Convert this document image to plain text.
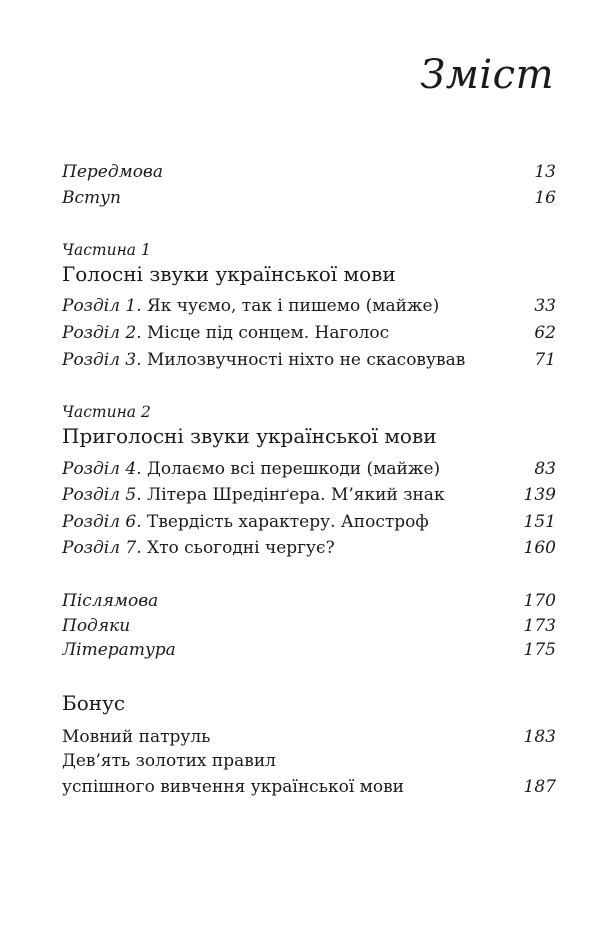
Зміст
Передмова	13
Вступ	16
Частина 1
Голосні звуки української мови
Розділ 1. Як чуємо, так і пишемо (майже)	33
Розділ 2. Місце під сонцем. Наголос	62
Розділ 3. Милозвучності ніхто не скасовував	71
Частина 2
Приголосні звуки української мови
Розділ 4. Долаємо всі перешкоди (майже)	83
Розділ 5. Літера Шредінґера. М’який знак	139
Розділ 6. Твердість характеру. Апостроф	151
Розділ 7. Хто сьогодні чергує?	160
Післямова	170
Подяки	173
Література	175
Бонус
Мовний патруль	183
Дев’ять золотих правил
успішного вивчення української мови	187
